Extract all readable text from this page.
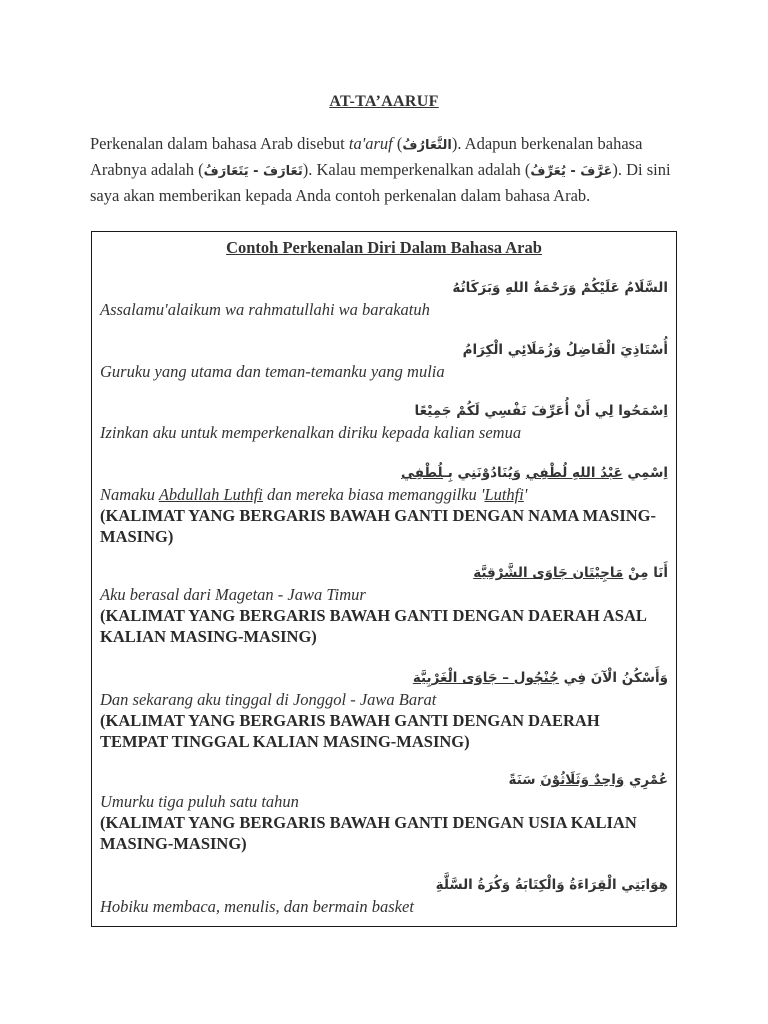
AT-TA’AARUF

Perkenalan dalam bahasa Arab disebut ta'aruf (التَّعَارُفُ). Adapun berkenalan bahasa Arabnya adalah (تَعَارَفَ - يَتَعَارَفُ). Kalau memperkenalkan adalah (عَرَّفَ - يُعَرِّفُ). Di sini saya akan memberikan kepada Anda contoh perkenalan dalam bahasa Arab.

Contoh Perkenalan Diri Dalam Bahasa Arab
السَّلَامُ عَلَيْكُمْ وَرَحْمَةُ اللهِ وَبَرَكَاتُهُ
Assalamu'alaikum wa rahmatullahi wa barakatuh
أُسْتَاذِيَ الْفَاضِلُ وَزُمَلَائِي الْكِرَامُ
Guruku yang utama dan teman-temanku yang mulia
اِسْمَحُوا لِي أَنْ أُعَرِّفَ نَفْسِي لَكُمْ جَمِيْعًا
Izinkan aku untuk memperkenalkan diriku kepada kalian semua
اِسْمِي عَبْدُ اللهِ لُطْفِي وَيُنَادُوْنَنِي بِـلُطْفِي
Namaku Abdullah Luthfi dan mereka biasa memanggilku 'Luthfi'
(KALIMAT YANG BERGARIS BAWAH GANTI DENGAN NAMA MASING-MASING)
أَنَا مِنْ مَاجِيْتَان جَاوَى الشَّرْقِيَّة
Aku berasal dari Magetan - Jawa Timur
(KALIMAT YANG BERGARIS BAWAH GANTI DENGAN DAERAH ASAL KALIAN MASING-MASING)
وَأَسْكُنُ الْآنَ فِي جُنْجُول – جَاوَى الْغَرْبِيَّة
Dan sekarang aku tinggal di Jonggol - Jawa Barat
(KALIMAT YANG BERGARIS BAWAH GANTI DENGAN DAERAH TEMPAT TINGGAL KALIAN MASING-MASING)
عُمْرِي وَاحِدٌ وَثَلَاثُوْنَ سَنَةً
Umurku tiga puluh satu tahun
(KALIMAT YANG BERGARIS BAWAH GANTI DENGAN USIA KALIAN MASING-MASING)
هِوَايَتِي الْقِرَاءَةُ وَالْكِتَابَةُ وَكُرَةُ السَّلَّةِ
Hobiku membaca, menulis, dan bermain basket
